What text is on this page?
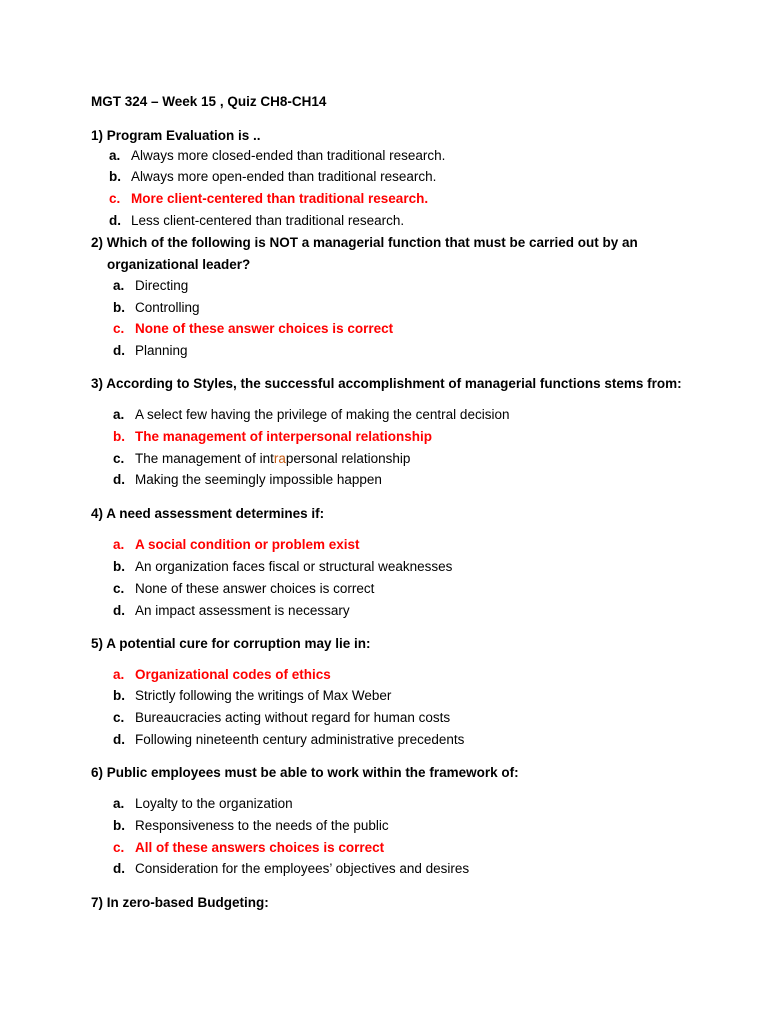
MGT 324 – Week 15 , Quiz CH8-CH14
1) Program Evaluation is ..
a. Always more closed-ended than traditional research.
b. Always more open-ended than traditional research.
c. More client-centered than traditional research.
d. Less client-centered than traditional research.
2) Which of the following is NOT a managerial function that must be carried out by an organizational leader?
a. Directing
b. Controlling
c. None of these answer choices is correct
d. Planning
3) According to Styles, the successful accomplishment of managerial functions stems from:
a. A select few having the privilege of making the central decision
b. The management of interpersonal relationship
c. The management of intrapersonal relationship
d. Making the seemingly impossible happen
4) A need assessment determines if:
a. A social condition or problem exist
b. An organization faces fiscal or structural weaknesses
c. None of these answer choices is correct
d. An impact assessment is necessary
5) A potential cure for corruption may lie in:
a. Organizational codes of ethics
b. Strictly following the writings of Max Weber
c. Bureaucracies acting without regard for human costs
d. Following nineteenth century administrative precedents
6) Public employees must be able to work within the framework of:
a. Loyalty to the organization
b. Responsiveness to the needs of the public
c. All of these answers choices is correct
d. Consideration for the employees’ objectives and desires
7) In zero-based Budgeting:
